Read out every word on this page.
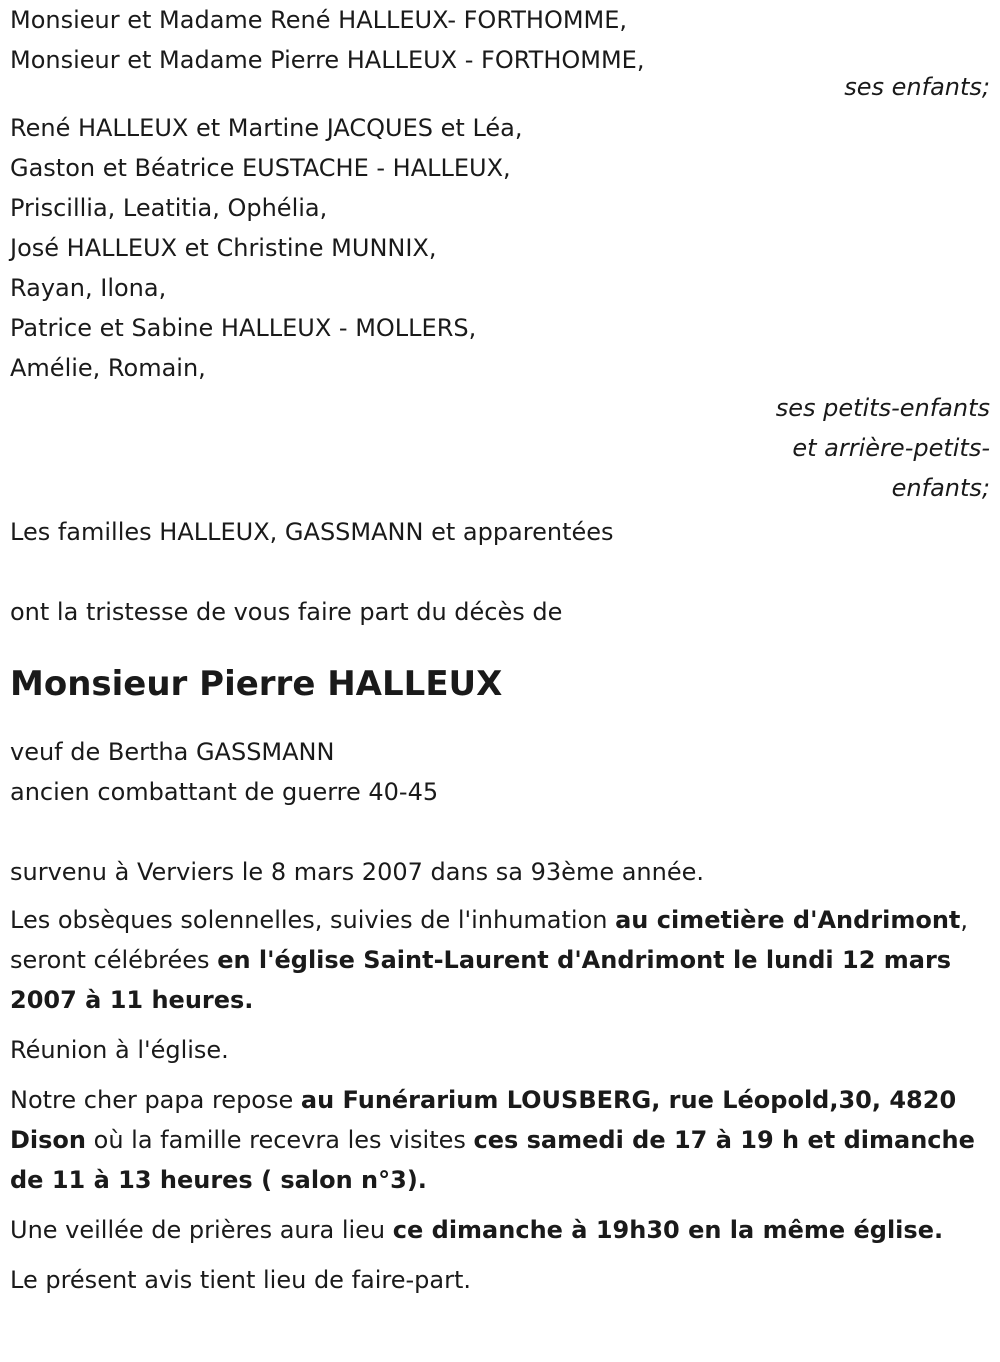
Monsieur et Madame René HALLEUX- FORTHOMME,
Monsieur et Madame Pierre HALLEUX - FORTHOMME,
ses enfants;
René HALLEUX et Martine JACQUES et Léa,
Gaston et Béatrice EUSTACHE - HALLEUX,
Priscillia, Leatitia, Ophélia,
José HALLEUX et Christine MUNNIX,
Rayan, Ilona,
Patrice et Sabine HALLEUX - MOLLERS,
Amélie, Romain,
ses petits-enfants
et arrière-petits-
enfants;
Les familles HALLEUX, GASSMANN et apparentées
ont la tristesse de vous faire part du décès de
Monsieur Pierre HALLEUX
veuf de Bertha GASSMANN
ancien combattant de guerre 40-45
survenu à Verviers le 8 mars 2007 dans sa 93ème année.
Les obsèques solennelles, suivies de l'inhumation au cimetière d'Andrimont, seront célébrées en l'église Saint-Laurent d'Andrimont le lundi 12 mars 2007 à 11 heures.
Réunion à l'église.
Notre cher papa repose au Funérarium LOUSBERG, rue Léopold,30, 4820 Dison où la famille recevra les visites ces samedi de 17 à 19 h et dimanche de 11 à 13 heures ( salon n°3).
Une veillée de prières aura lieu ce dimanche à 19h30 en la même église.
Le présent avis tient lieu de faire-part.
